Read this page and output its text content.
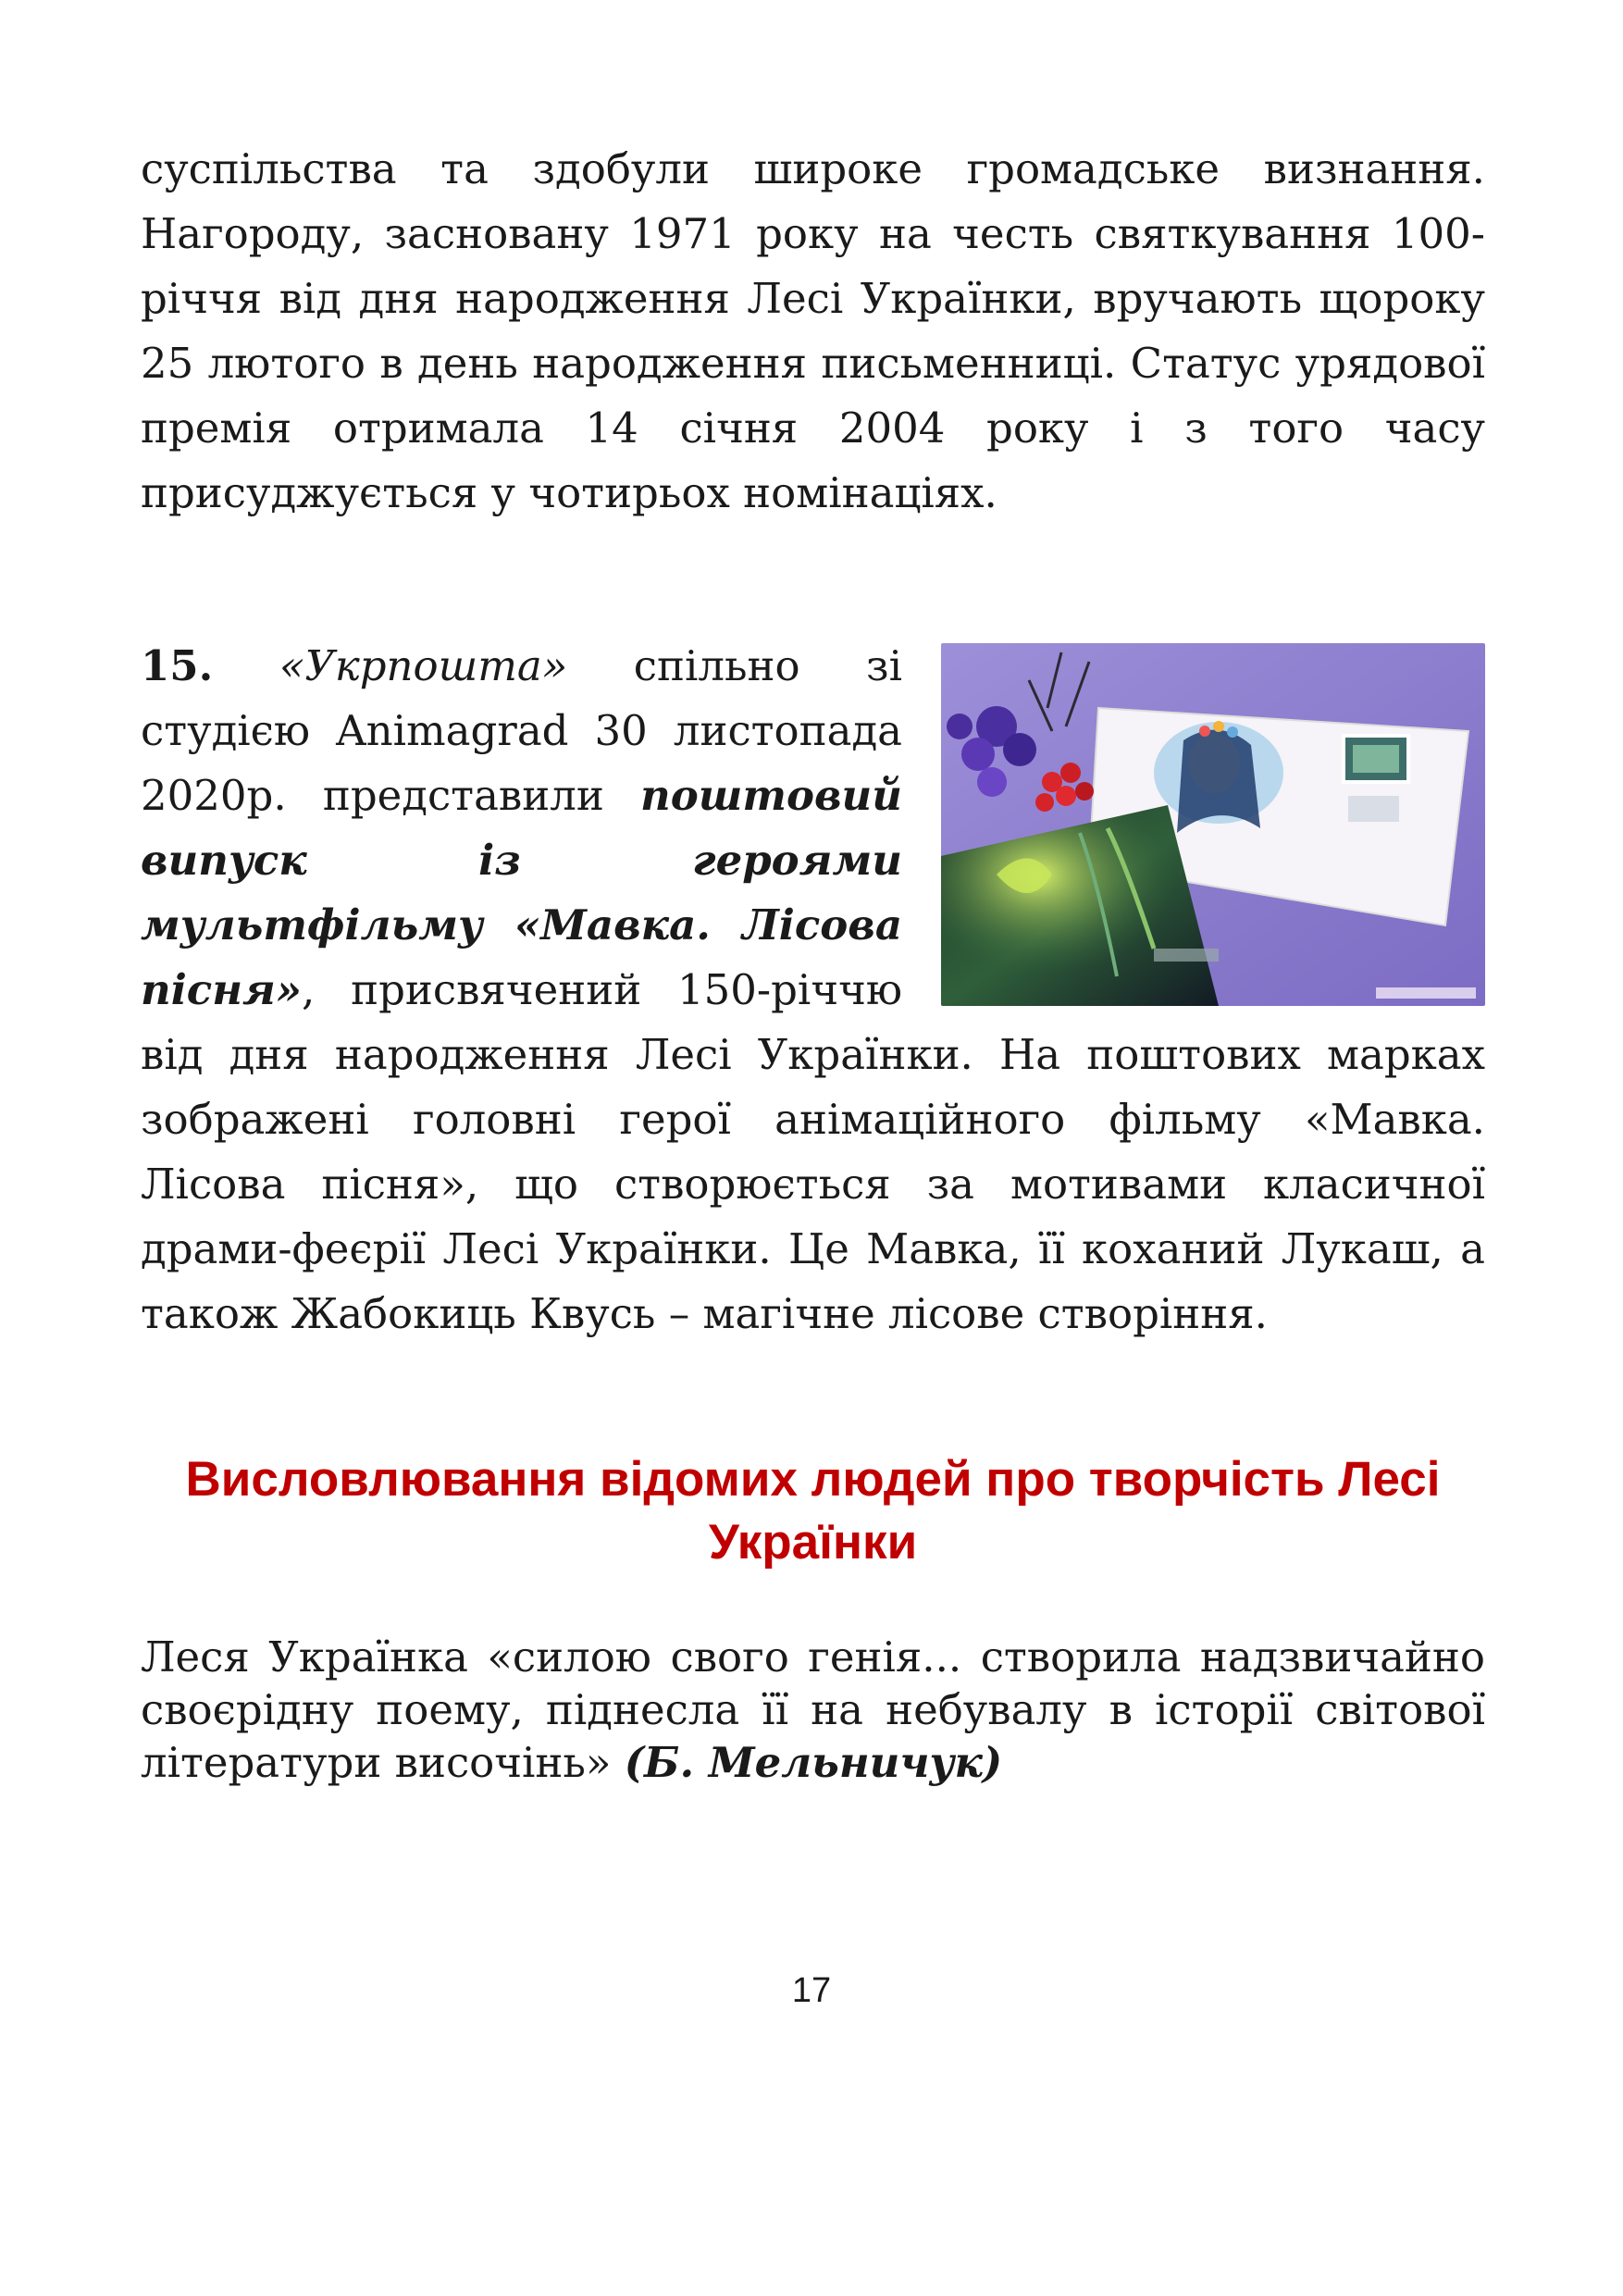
суспільства та здобули широке громадське визнання. Нагороду, засновану 1971 року на честь святкування 100-річчя від дня народження Лесі Українки, вручають щороку 25 лютого в день народження письменниці. Статус урядової премія отримала 14 січня 2004 року і з того часу присуджується у чотирьох номінаціях.

15. «Укрпошта» спільно зі студією Animagrad 30 листопада 2020р. представили поштовий випуск із героями мультфільму «Мавка. Лісова пісня», присвячений 150-річчю від дня народження Лесі Українки. На поштових марках зображені головні герої анімаційного фільму «Мавка. Лісова пісня», що створюється за мотивами класичної драми-феєрії Лесі Українки. Це Мавка, її коханий Лукаш, а також Жабокиць Квусь – магічне лісове створіння.

Висловлювання відомих людей про творчість Лесі Українки

Леся Українка «силою свого генія... створила надзвичайно своєрідну поему, піднесла її на небувалу в історії світової літератури височінь» (Б. Мельничук)

17
